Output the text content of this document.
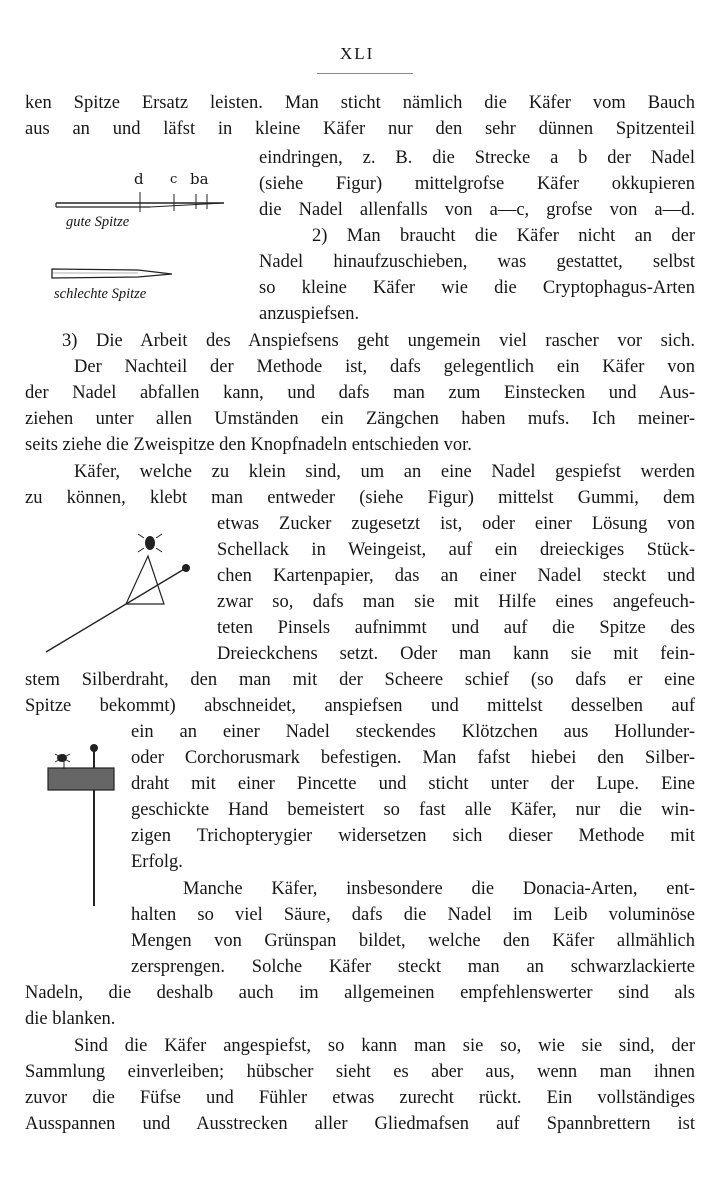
XLI
d c ba
gute Spitze
schlechte Spitze

ken Spitze Ersatz leisten. Man sticht nämlich die Käfer vom Bauch

aus an und läfst in kleine Käfer nur den sehr dünnen Spitzenteil

eindringen, z. B. die Strecke a b der Nadel

(siehe Figur) mittelgrofse Käfer okkupieren

die Nadel allenfalls von a—c, grofse von a—d.

2) Man braucht die Käfer nicht an der

Nadel hinaufzuschieben, was gestattet, selbst

so kleine Käfer wie die Cryptophagus-Arten

anzuspiefsen.

3) Die Arbeit des Anspiefsens geht ungemein viel rascher vor sich.

Der Nachteil der Methode ist, dafs gelegentlich ein Käfer von

der Nadel abfallen kann, und dafs man zum Einstecken und Aus-

ziehen unter allen Umständen ein Zängchen haben mufs. Ich meiner-

seits ziehe die Zweispitze den Knopfnadeln entschieden vor.

Käfer, welche zu klein sind, um an eine Nadel gespiefst werden

zu können, klebt man entweder (siehe Figur) mittelst Gummi, dem

etwas Zucker zugesetzt ist, oder einer Lösung von

Schellack in Weingeist, auf ein dreieckiges Stück-

chen Kartenpapier, das an einer Nadel steckt und

zwar so, dafs man sie mit Hilfe eines angefeuch-

teten Pinsels aufnimmt und auf die Spitze des

Dreieckchens setzt. Oder man kann sie mit fein-

stem Silberdraht, den man mit der Scheere schief (so dafs er eine

Spitze bekommt) abschneidet, anspiefsen und mittelst desselben auf

ein an einer Nadel steckendes Klötzchen aus Hollunder-

oder Corchorusmark befestigen. Man fafst hiebei den Silber-

draht mit einer Pincette und sticht unter der Lupe. Eine

geschickte Hand bemeistert so fast alle Käfer, nur die win-

zigen Trichopterygier widersetzen sich dieser Methode mit

Erfolg.

Manche Käfer, insbesondere die Donacia-Arten, ent-

halten so viel Säure, dafs die Nadel im Leib voluminöse

Mengen von Grünspan bildet, welche den Käfer allmählich

zersprengen. Solche Käfer steckt man an schwarzlackierte

Nadeln, die deshalb auch im allgemeinen empfehlenswerter sind als

die blanken.

Sind die Käfer angespiefst, so kann man sie so, wie sie sind, der

Sammlung einverleiben; hübscher sieht es aber aus, wenn man ihnen

zuvor die Füfse und Fühler etwas zurecht rückt. Ein vollständiges

Ausspannen und Ausstrecken aller Gliedmafsen auf Spannbrettern ist
